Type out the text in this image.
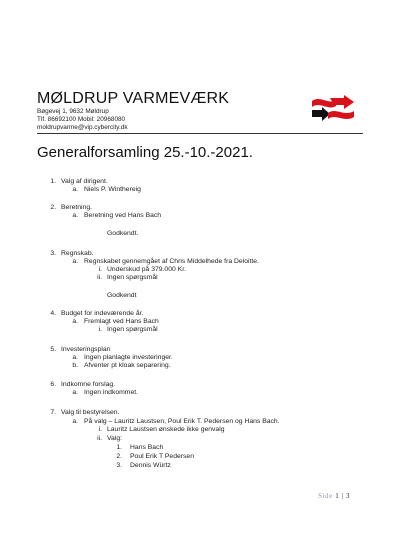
MØLDRUP VARMEVÆRK
Bøgevej 1, 9632 Møldrup
Tlf. 86692100 Mobil: 20968080
moldrupvarme@vip.cybercity.dk
Generalforsamling 25.-10.-2021.
1. Valg af dirigent.
a. Niels P. Winthereig
2. Beretning.
a. Beretning ved Hans Bach
Godkendt.
3. Regnskab.
a. Regnskabet gennemgået af Chris Middelhede fra Deloitte.
i. Underskud på 379.000 Kr.
ii. Ingen spørgsmål
Godkendt
4. Budget for indeværende år.
a. Fremlagt ved Hans Bach
i. Ingen spørgsmål
5. Investeringsplan
a. Ingen planlagte investeringer.
b. Afventer pt kloak separering.
6. Indkomne forslag.
a. Ingen indkommet.
7. Valg til bestyrelsen.
a. På valg – Lauritz Laustsen, Poul Erik T. Pedersen og Hans Bach.
i. Lauritz Laustsen ønskede ikke genvalg
ii. Valg:
1. Hans Bach
2. Poul Erik T Pedersen
3. Dennis Würtz
Side 1 | 3
